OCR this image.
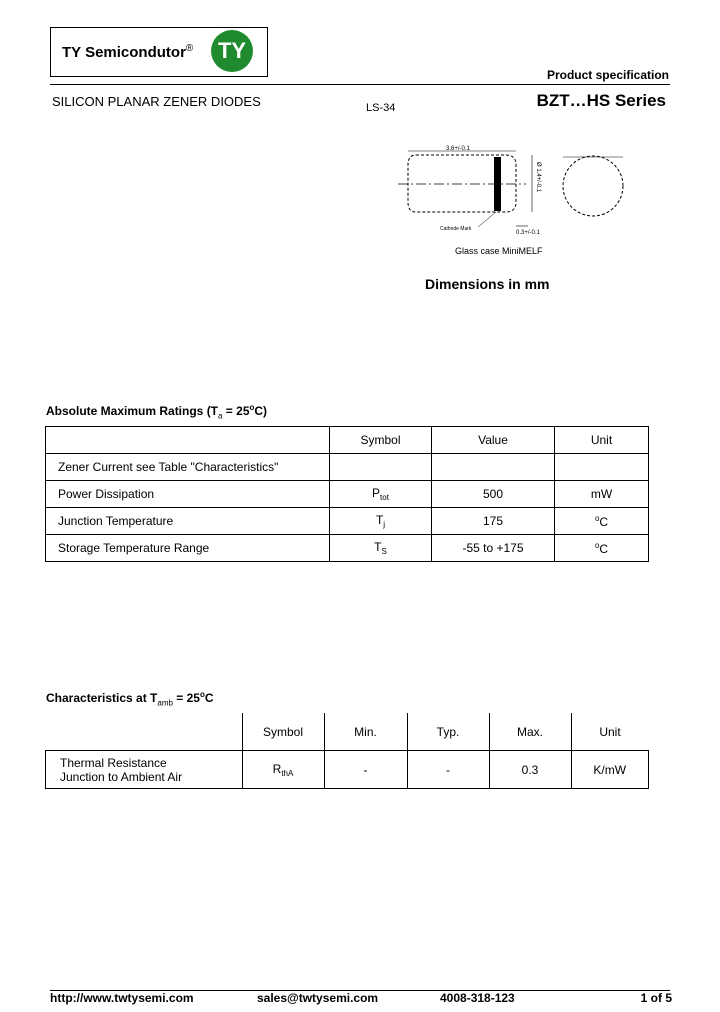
TY Semicondutor®	TY
Product specification
SILICON PLANAR ZENER DIODES	LS-34	BZT…HS Series
3.6+/-0.1
Ø 1.4+/-0.1
0.3+/-0.1
Cathode Mark
Glass case MiniMELF
Dimensions in mm
Absolute Maximum Ratings $(T_a = 25^oC)$
	Symbol	Value	Unit
Zener Current see Table "Characteristics"			
Power Dissipation	$P_{tot}$	500	mW
Junction Temperature	$T_j$	175	$^o$C
Storage Temperature Range	$T_S$	-55 to +175	$^o$C
Characteristics at $T_{amb} = 25^oC$
	Symbol	Min.	Typ.	Max.	Unit
Thermal Resistance
Junction to Ambient Air	$R_{thA}$	-	-	0.3	K/mW
http://www.twtysemi.com	sales@twtysemi.com	4008-318-123	1 of 5
